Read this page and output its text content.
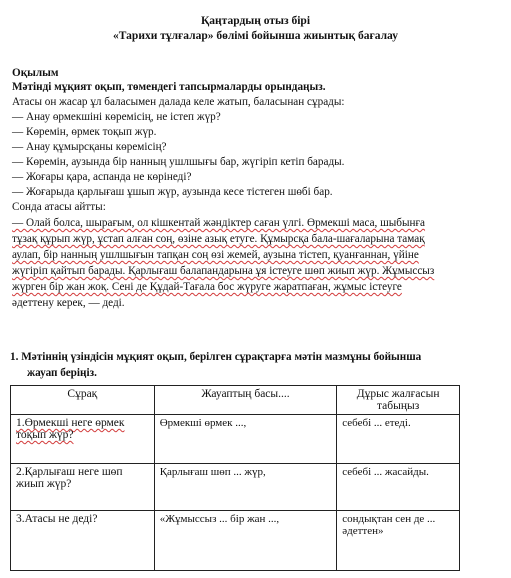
Қаңтардың отыз бірі
«Тарихи тұлғалар» бөлімі бойынша жиынтық бағалау
Оқылым
Мәтінді мұқият оқып, төмендегі тапсырмаларды орындаңыз.
Атасы он жасар ұл баласымен далада келе жатып, баласынан сұрады:
— Анау өрмекшіні көремісің, не істеп жүр?
— Көремін, өрмек тоқып жүр.
— Анау құмырсқаны көремісің?
— Көремін, аузында бір нанның ушлшығы бар, жүгіріп кетіп барады.
— Жоғары қара, аспанда не көрінеді?
— Жоғарыда қарлығаш ұшып жүр, аузында кесе тістеген шөбі бар.
Сонда атасы айтты:
— Олай болса, шырағым, ол кішкентай жәндіктер саған үлгі. Өрмекші маса, шыбынға
тұзақ құрып жүр, ұстап алған соң, өзіне азық етуге. Құмырсқа бала-шағаларына тамақ
аулап, бір нанның ушлшығын тапқан соң өзі жемей, аузына тістеп, қуанғаннан, үйіне
жүгіріп қайтып барады. Қарлығаш балапандарына ұя істеуге шөп жиып жүр. Жұмыссыз
жүрген бір жан жоқ. Сені де Құдай-Тағала бос жүруге жаратпаған, жұмыс істеуге
әдеттену керек, — деді.
1. Мәтіннің үзіндісін мұқият оқып, берілген сұрақтарға мәтін мазмұны бойынша
жауап беріңіз.
Сұрақ	Жауаптың басы....	Дұрыс жалғасын табыңыз
1.Өрмекші неге өрмек тоқып жүр?	Өрмекші өрмек ...,	себебі ... етеді.
2.Қарлығаш неге шөп жиып жүр?	Қарлығаш шөп ... жүр,	себебі ... жасайды.
3.Атасы не деді?	«Жұмыссыз ... бір жан ...,	сондықтан сен де ... әдеттен»
